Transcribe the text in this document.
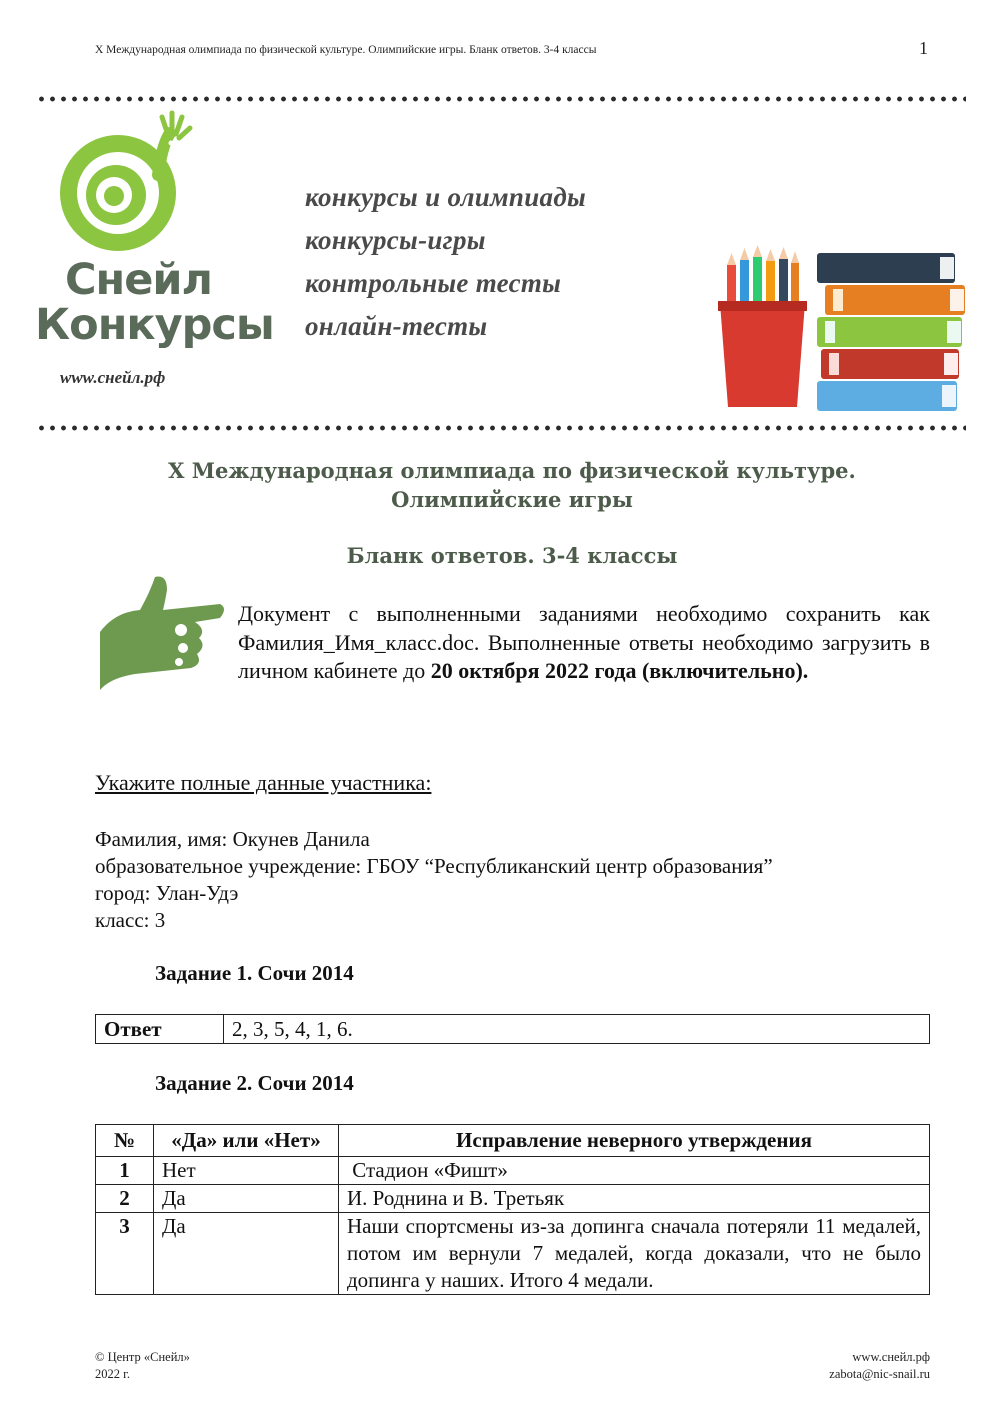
X Международная олимпиада по физической культуре. Олимпийские игры. Бланк ответов. 3-4 классы	1
Снейл
Конкурсы
www.снейл.рф
конкурсы и олимпиады
конкурсы-игры
контрольные тесты
онлайн-тесты
X Международная олимпиада по физической культуре.
Олимпийские игры
Бланк ответов. 3-4 классы
Документ с выполненными заданиями необходимо сохранить как Фамилия_Имя_класс.doc. Выполненные ответы необходимо загрузить в личном кабинете до 20 октября 2022 года (включительно).
Укажите полные данные участника:
Фамилия, имя: Окунев Данила
образовательное учреждение: ГБОУ “Республиканский центр образования”
город: Улан-Удэ
класс: 3
Задание 1. Сочи 2014
Ответ	2, 3, 5, 4, 1, 6.
Задание 2. Сочи 2014
№	«Да» или «Нет»	Исправление неверного утверждения
1	Нет	Стадион «Фишт»
2	Да	И. Роднина и В. Третьяк
3	Да	Наши спортсмены из-за допинга сначала потеряли 11 медалей, потом им вернули 7 медалей, когда доказали, что не было допинга у наших. Итого 4 медали.
© Центр «Снейл»
2022 г.
www.снейл.рф
zabota@nic-snail.ru
